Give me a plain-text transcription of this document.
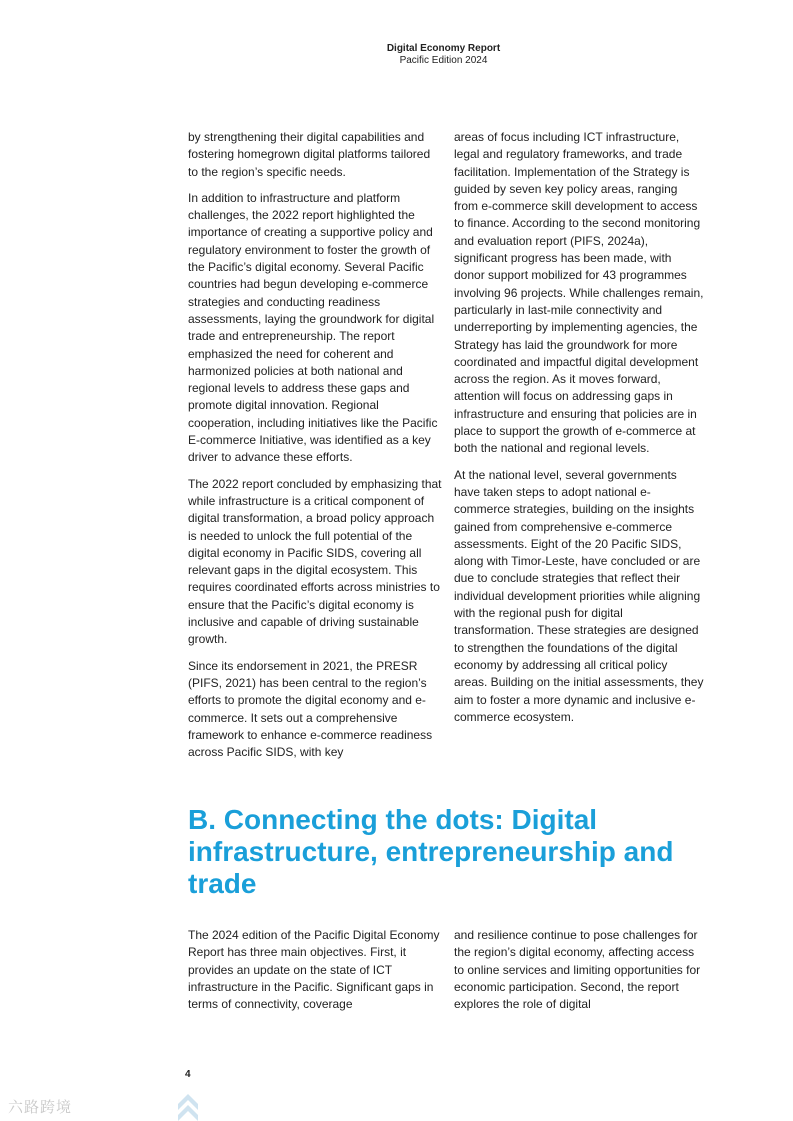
Digital Economy Report
Pacific Edition 2024

by strengthening their digital capabilities and fostering homegrown digital platforms tailored to the region’s specific needs.

In addition to infrastructure and platform challenges, the 2022 report highlighted the importance of creating a supportive policy and regulatory environment to foster the growth of the Pacific’s digital economy. Several Pacific countries had begun developing e-commerce strategies and conducting readiness assessments, laying the groundwork for digital trade and entrepreneurship. The report emphasized the need for coherent and harmonized policies at both national and regional levels to address these gaps and promote digital innovation. Regional cooperation, including initiatives like the Pacific E-commerce Initiative, was identified as a key driver to advance these efforts.

The 2022 report concluded by emphasizing that while infrastructure is a critical component of digital transformation, a broad policy approach is needed to unlock the full potential of the digital economy in Pacific SIDS, covering all relevant gaps in the digital ecosystem. This requires coordinated efforts across ministries to ensure that the Pacific’s digital economy is inclusive and capable of driving sustainable growth.

Since its endorsement in 2021, the PRESR (PIFS, 2021) has been central to the region’s efforts to promote the digital economy and e-commerce. It sets out a comprehensive framework to enhance e-commerce readiness across Pacific SIDS, with key

areas of focus including ICT infrastructure, legal and regulatory frameworks, and trade facilitation. Implementation of the Strategy is guided by seven key policy areas, ranging from e-commerce skill development to access to finance. According to the second monitoring and evaluation report (PIFS, 2024a), significant progress has been made, with donor support mobilized for 43 programmes involving 96 projects. While challenges remain, particularly in last-mile connectivity and underreporting by implementing agencies, the Strategy has laid the groundwork for more coordinated and impactful digital development across the region. As it moves forward, attention will focus on addressing gaps in infrastructure and ensuring that policies are in place to support the growth of e-commerce at both the national and regional levels.

At the national level, several governments have taken steps to adopt national e-commerce strategies, building on the insights gained from comprehensive e-commerce assessments. Eight of the 20 Pacific SIDS, along with Timor-Leste, have concluded or are due to conclude strategies that reflect their individual development priorities while aligning with the regional push for digital transformation. These strategies are designed to strengthen the foundations of the digital economy by addressing all critical policy areas. Building on the initial assessments, they aim to foster a more dynamic and inclusive e-commerce ecosystem.

B. Connecting the dots: Digital infrastructure, entrepreneurship and trade

The 2024 edition of the Pacific Digital Economy Report has three main objectives. First, it provides an update on the state of ICT infrastructure in the Pacific. Significant gaps in terms of connectivity, coverage

and resilience continue to pose challenges for the region’s digital economy, affecting access to online services and limiting opportunities for economic participation. Second, the report explores the role of digital

4
六路跨境
